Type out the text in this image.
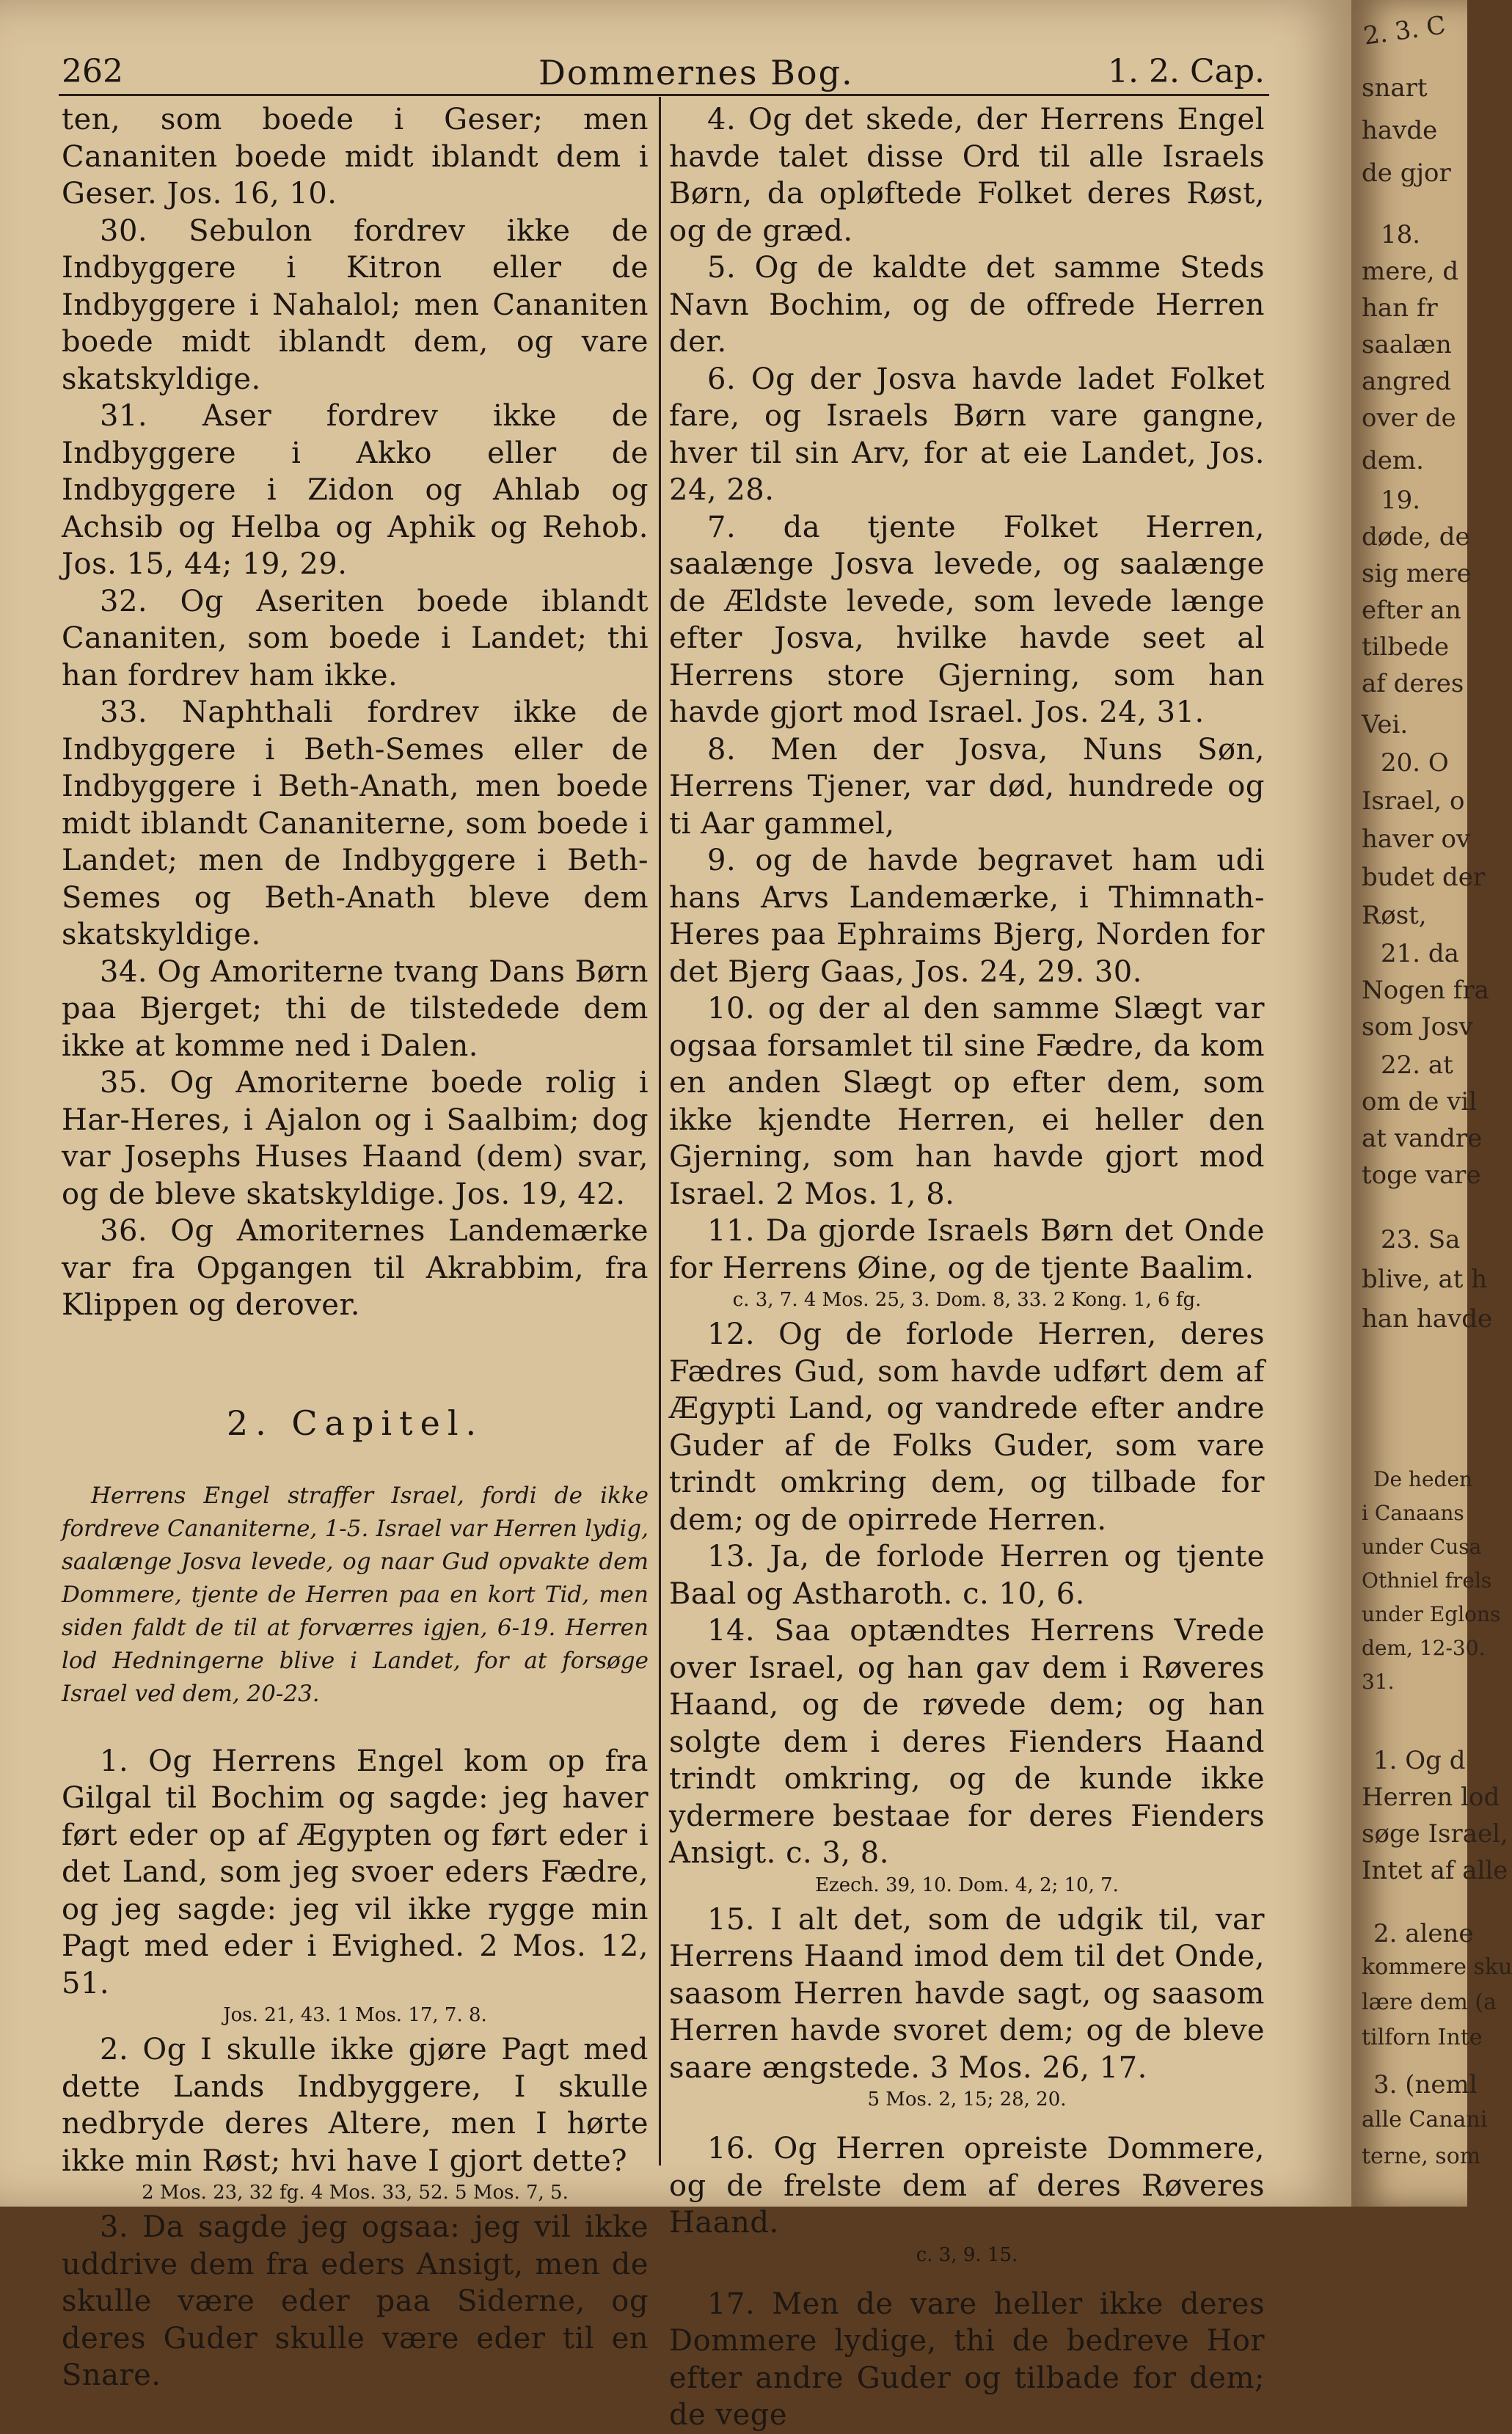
262	Dommernes Bog.	1. 2. Cap.

ten, som boede i Geser; men Cananiten boede midt iblandt dem i Geser. Jos. 16, 10.

30. Sebulon fordrev ikke de Indbyggere i Kitron eller de Indbyggere i Nahalol; men Cananiten boede midt iblandt dem, og vare skatskyldige.

31. Aser fordrev ikke de Indbyggere i Akko eller de Indbyggere i Zidon og Ahlab og Achsib og Helba og Aphik og Rehob. Jos. 15, 44; 19, 29.

32. Og Aseriten boede iblandt Cananiten, som boede i Landet; thi han fordrev ham ikke.

33. Naphthali fordrev ikke de Indbyggere i Beth-Semes eller de Indbyggere i Beth-Anath, men boede midt iblandt Cananiterne, som boede i Landet; men de Indbyggere i Beth-Semes og Beth-Anath bleve dem skatskyldige.

34. Og Amoriterne tvang Dans Børn paa Bjerget; thi de tilstedede dem ikke at komme ned i Dalen.

35. Og Amoriterne boede rolig i Har-Heres, i Ajalon og i Saalbim; dog var Josephs Huses Haand (dem) svar, og de bleve skatskyldige. Jos. 19, 42.

36. Og Amoriternes Landemærke var fra Opgangen til Akrabbim, fra Klippen og derover.

2. Capitel.

Herrens Engel straffer Israel, fordi de ikke fordreve Cananiterne, 1-5. Israel var Herren lydig, saalænge Josva levede, og naar Gud opvakte dem Dommere, tjente de Herren paa en kort Tid, men siden faldt de til at forværres igjen, 6-19. Herren lod Hedningerne blive i Landet, for at forsøge Israel ved dem, 20-23.

1. Og Herrens Engel kom op fra Gilgal til Bochim og sagde: jeg haver ført eder op af Ægypten og ført eder i det Land, som jeg svoer eders Fædre, og jeg sagde: jeg vil ikke rygge min Pagt med eder i Evighed. 2 Mos. 12, 51.

Jos. 21, 43. 1 Mos. 17, 7. 8.

2. Og I skulle ikke gjøre Pagt med dette Lands Indbyggere, I skulle nedbryde deres Altere, men I hørte ikke min Røst; hvi have I gjort dette?

2 Mos. 23, 32 fg. 4 Mos. 33, 52. 5 Mos. 7, 5.

3. Da sagde jeg ogsaa: jeg vil ikke uddrive dem fra eders Ansigt, men de skulle være eder paa Siderne, og deres Guder skulle være eder til en Snare.

4. Og det skede, der Herrens Engel havde talet disse Ord til alle Israels Børn, da opløftede Folket deres Røst, og de græd.

5. Og de kaldte det samme Steds Navn Bochim, og de offrede Herren der.

6. Og der Josva havde ladet Folket fare, og Israels Børn vare gangne, hver til sin Arv, for at eie Landet, Jos. 24, 28.

7. da tjente Folket Herren, saalænge Josva levede, og saalænge de Ældste levede, som levede længe efter Josva, hvilke havde seet al Herrens store Gjerning, som han havde gjort mod Israel. Jos. 24, 31.

8. Men der Josva, Nuns Søn, Herrens Tjener, var død, hundrede og ti Aar gammel,

9. og de havde begravet ham udi hans Arvs Landemærke, i Thimnath-Heres paa Ephraims Bjerg, Norden for det Bjerg Gaas, Jos. 24, 29. 30.

10. og der al den samme Slægt var ogsaa forsamlet til sine Fædre, da kom en anden Slægt op efter dem, som ikke kjendte Herren, ei heller den Gjerning, som han havde gjort mod Israel. 2 Mos. 1, 8.

11. Da gjorde Israels Børn det Onde for Herrens Øine, og de tjente Baalim.

c. 3, 7. 4 Mos. 25, 3. Dom. 8, 33. 2 Kong. 1, 6 fg.

12. Og de forlode Herren, deres Fædres Gud, som havde udført dem af Ægypti Land, og vandrede efter andre Guder af de Folks Guder, som vare trindt omkring dem, og tilbade for dem; og de opirrede Herren.

13. Ja, de forlode Herren og tjente Baal og Astharoth. c. 10, 6.

14. Saa optændtes Herrens Vrede over Israel, og han gav dem i Røveres Haand, og de røvede dem; og han solgte dem i deres Fienders Haand trindt omkring, og de kunde ikke ydermere bestaae for deres Fienders Ansigt. c. 3, 8.

Ezech. 39, 10. Dom. 4, 2; 10, 7.

15. I alt det, som de udgik til, var Herrens Haand imod dem til det Onde, saasom Herren havde sagt, og saasom Herren havde svoret dem; og de bleve saare ængstede. 3 Mos. 26, 17.

5 Mos. 2, 15; 28, 20.

16. Og Herren opreiste Dommere, og de frelste dem af deres Røveres Haand.

c. 3, 9. 15.

17. Men de vare heller ikke deres Dommere lydige, thi de bedreve Hor efter andre Guder og tilbade for dem; de vege

2. 3. C
snart
havde
de gjor
18.
mere, d
han fr
saalæn
angred
over de
dem.
19.
døde, de
sig mere
efter an
tilbede
af deres
Vei.
20. O
Israel, o
haver ov
budet der
Røst,
21. da
Nogen fra
som Josv
22. at
om de vil
at vandre
toge vare
23. Sa
blive, at h
han havde
De heden
i Canaans
under Cusa
Othniel frels
under Eglons
dem, 12-30.
31.
1. Og d
Herren lod
søge Israel,
Intet af alle
2. alene
kommere sku
lære dem (a
tilforn Inte
3. (neml
alle Canani
terne, som
